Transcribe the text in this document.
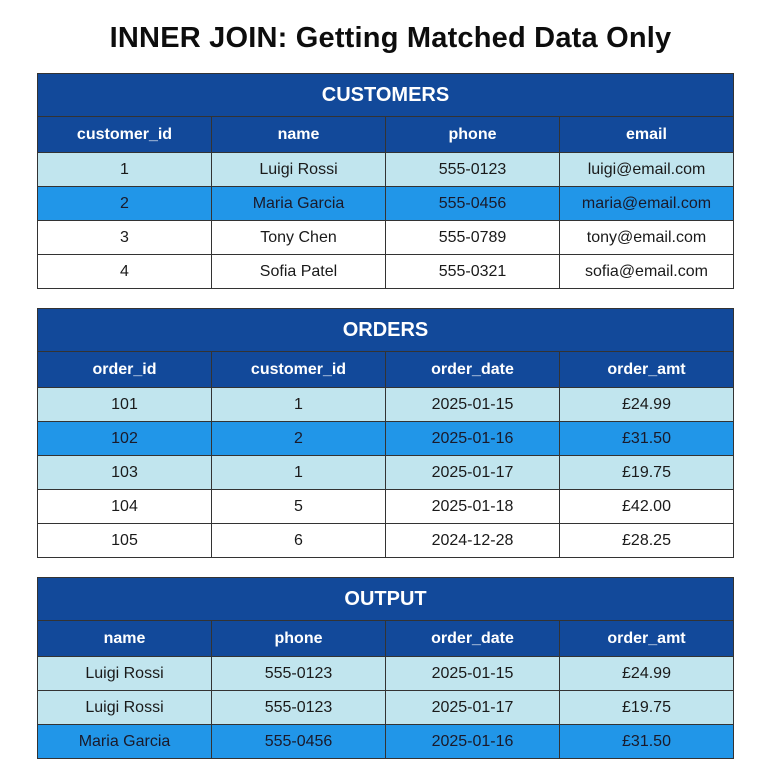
INNER JOIN: Getting Matched Data Only
CUSTOMERS			
customer_id	name	phone	email
1	Luigi Rossi	555-0123	luigi@email.com
2	Maria Garcia	555-0456	maria@email.com
3	Tony Chen	555-0789	tony@email.com
4	Sofia Patel	555-0321	sofia@email.com
ORDERS			
order_id	customer_id	order_date	order_amt
101	1	2025-01-15	£24.99
102	2	2025-01-16	£31.50
103	1	2025-01-17	£19.75
104	5	2025-01-18	£42.00
105	6	2024-12-28	£28.25
OUTPUT			
name	phone	order_date	order_amt
Luigi Rossi	555-0123	2025-01-15	£24.99
Luigi Rossi	555-0123	2025-01-17	£19.75
Maria Garcia	555-0456	2025-01-16	£31.50
